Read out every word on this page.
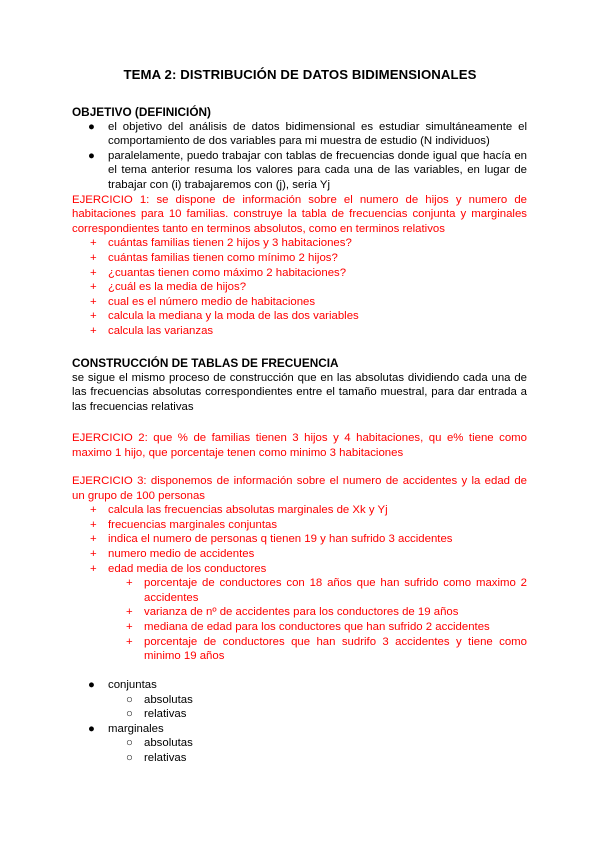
TEMA 2: DISTRIBUCIÓN DE DATOS BIDIMENSIONALES
OBJETIVO (DEFINICIÓN)
● el objetivo del análisis de datos bidimensional es estudiar simultáneamente el comportamiento de dos variables para mi muestra de estudio (N individuos)
● paralelamente, puedo trabajar con tablas de frecuencias donde igual que hacía en el tema anterior resuma los valores para cada una de las variables, en lugar de trabajar con (i) trabajaremos con (j), seria Yj
EJERCICIO 1: se dispone de información sobre el numero de hijos y numero de habitaciones para 10 familias. construye la tabla de frecuencias conjunta y marginales correspondientes tanto en terminos absolutos, como en terminos relativos
+ cuántas familias tienen 2 hijos y 3 habitaciones?
+ cuántas familias tienen como mínimo 2 hijos?
+ ¿cuantas tienen como máximo 2 habitaciones?
+ ¿cuál es la media de hijos?
+ cual es el número medio de habitaciones
+ calcula la mediana y la moda de las dos variables
+ calcula las varianzas
CONSTRUCCIÓN DE TABLAS DE FRECUENCIA
se sigue el mismo proceso de construcción que en las absolutas dividiendo cada una de las frecuencias absolutas correspondientes entre el tamaño muestral, para dar entrada a las frecuencias relativas
EJERCICIO 2: que % de familias tienen 3 hijos y 4 habitaciones, qu e% tiene como maximo 1 hijo, que porcentaje tenen como minimo 3 habitaciones
EJERCICIO 3: disponemos de información sobre el numero de accidentes y la edad de un grupo de 100 personas
+ calcula las frecuencias absolutas marginales de Xk y Yj
+ frecuencias marginales conjuntas
+ indica el numero de personas q tienen 19 y han sufrido 3 accidentes
+ numero medio de accidentes
+ edad media de los conductores
+ porcentaje de conductores con 18 años que han sufrido como maximo 2 accidentes
+ varianza de nº de accidentes para los conductores de 19 años
+ mediana de edad para los conductores que han sufrido 2 accidentes
+ porcentaje de conductores que han sudrifo 3 accidentes y tiene como minimo 19 años
● conjuntas
○ absolutas
○ relativas
● marginales
○ absolutas
○ relativas
